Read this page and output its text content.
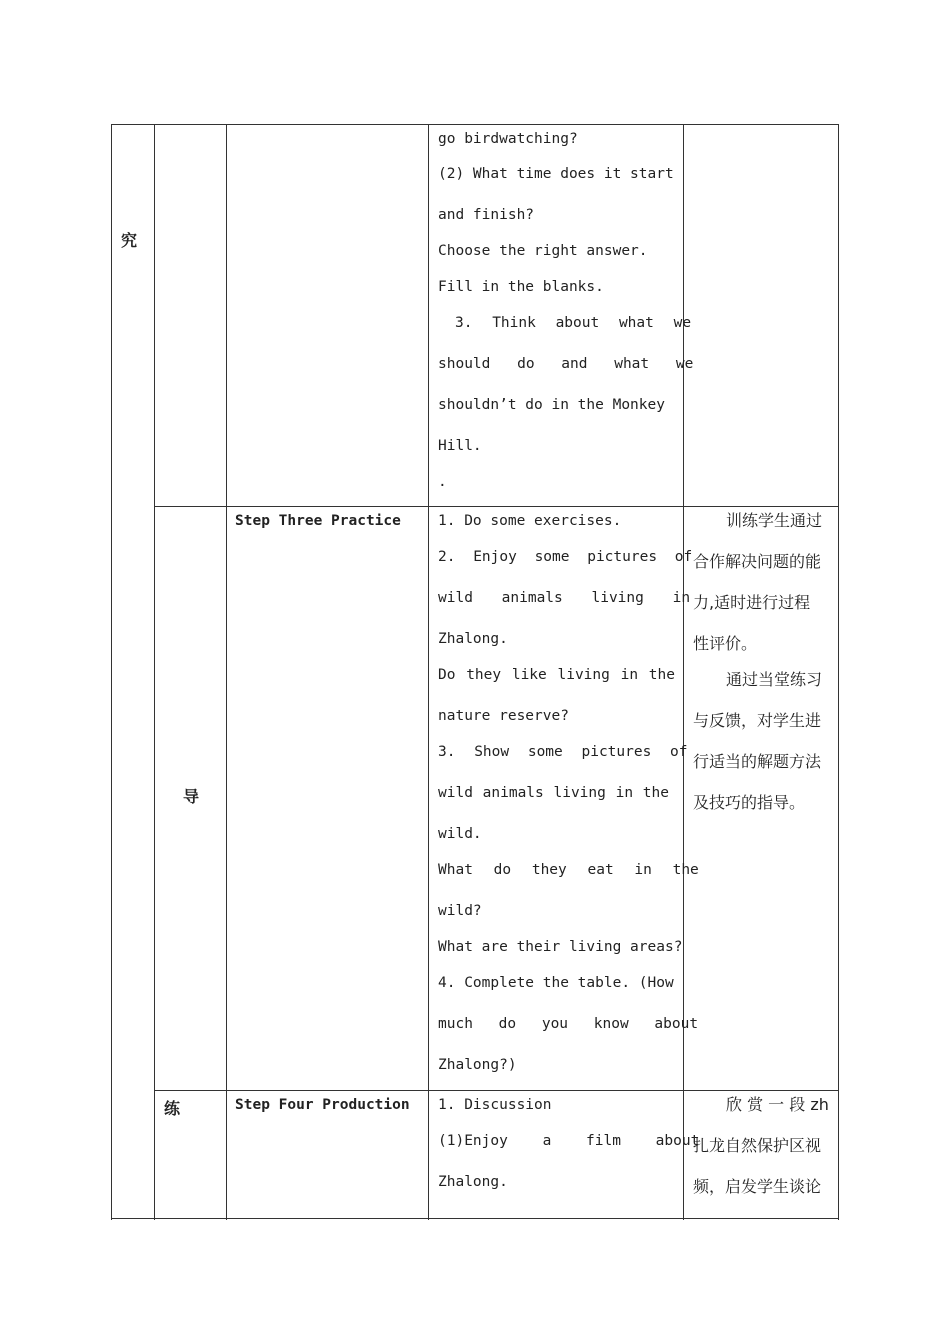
究
导
练
Step Three Practice
Step Four Production
go birdwatching?
(2) What time does it start
and finish?
Choose the right answer.
Fill in the blanks.
3. Think about what we
should do and what we
shouldn’t do in the Monkey
Hill.
.
1. Do some exercises.
2. Enjoy some pictures of
wild animals living in
Zhalong.
Do they like living in the
nature reserve?
3. Show some pictures of
wild animals living in the
wild.
What do they eat in the
wild?
What are their living areas?
4. Complete the table. (How
much do you know about
Zhalong?)
1. Discussion
(1)Enjoy a film about
Zhalong.
训练学生通过
合作解决问题的能
力,适时进行过程
性评价。
通过当堂练习
与反馈，对学生进
行适当的解题方法
及技巧的指导。
欣 赏 一 段 zh
扎龙自然保护区视
频，启发学生谈论
